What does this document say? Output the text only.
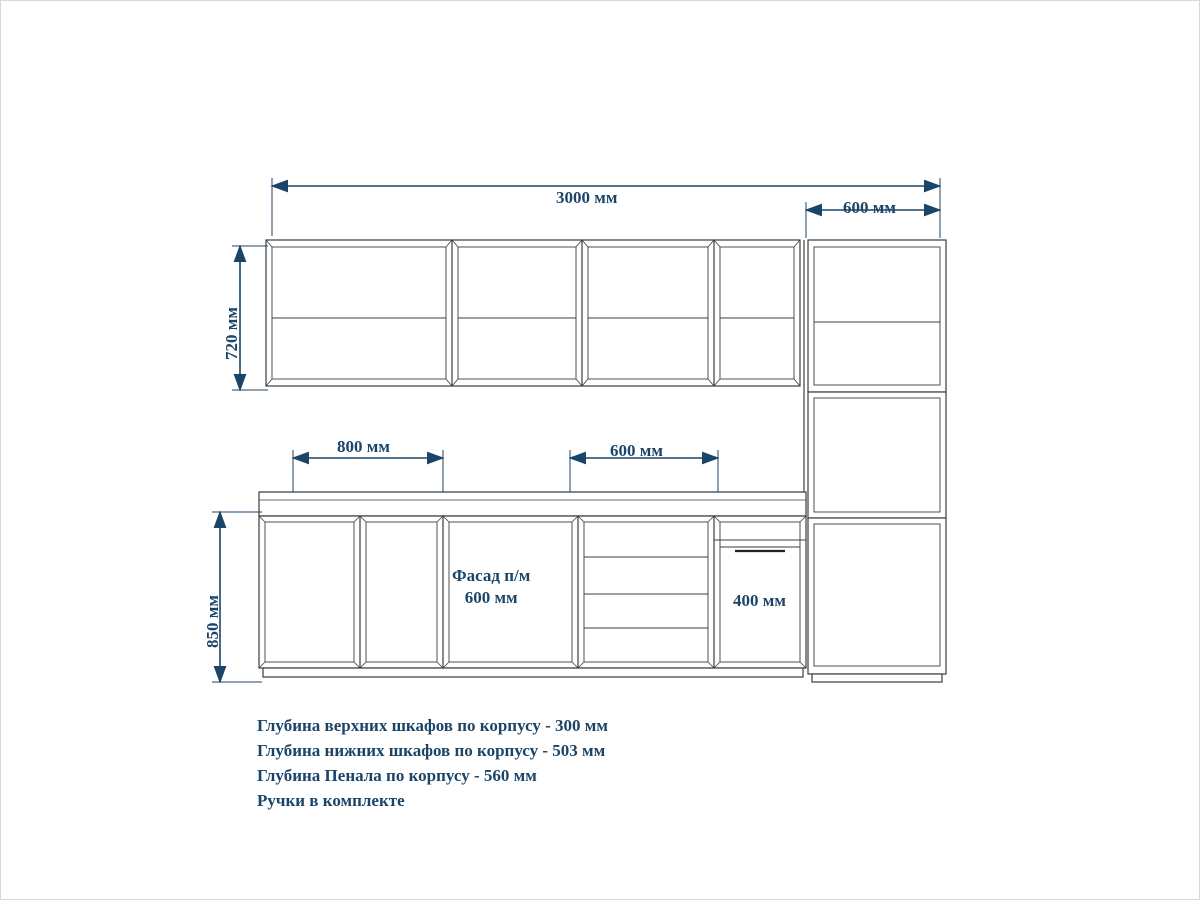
3000 мм
600 мм
720 мм
800 мм	600 мм
850 мм	400 мм
Фасад п/м
600 мм
Глубина верхних шкафов по корпусу - 300 мм
Глубина нижних шкафов по корпусу - 503 мм
Глубина Пенала по корпусу - 560 мм
Ручки в комплекте
